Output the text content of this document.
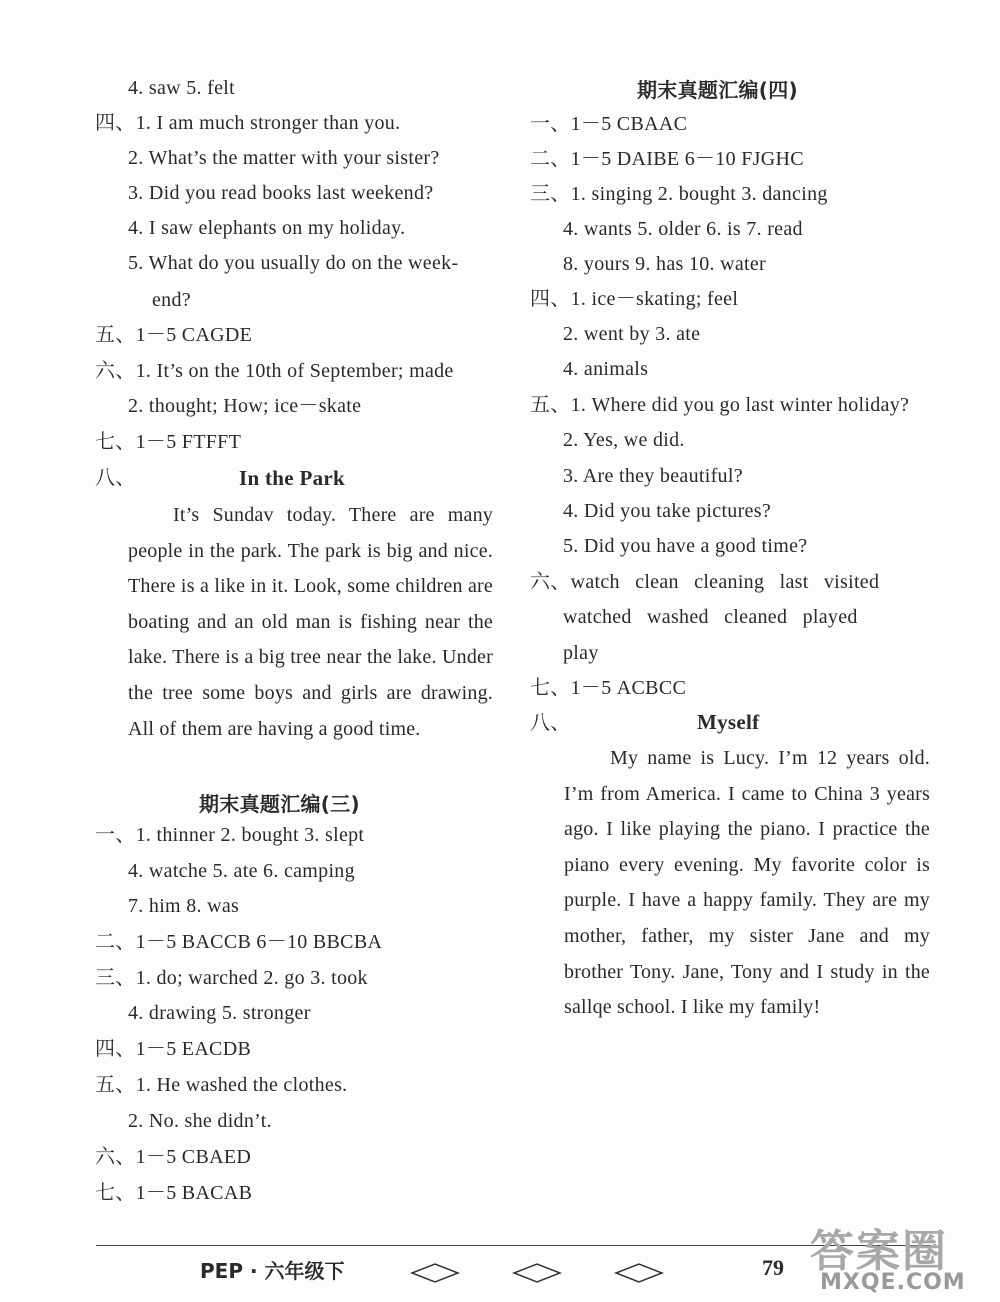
4. saw 5. felt
四、1. I am much stronger than you.
2. What’s the matter with your sister?
3. Did you read books last weekend?
4. I saw elephants on my holiday.
5. What do you usually do on the week-
end?
五、1－5 CAGDE
六、1. It’s on the 10th of September; made
2. thought; How; ice－skate
七、1－5 FTFFT
八、	In the Park
It’s Sundav today. There are many people in the park. The park is big and nice. There is a like in it. Look, some children are boating and an old man is fishing near the lake. There is a big tree near the lake. Under the tree some boys and girls are drawing. All of them are having a good time.
期末真题汇编(三)
一、1. thinner 2. bought 3. slept
4. watche 5. ate 6. camping
7. him 8. was
二、1－5 BACCB 6－10 BBCBA
三、1. do; warched 2. go 3. took
4. drawing 5. stronger
四、1－5 EACDB
五、1. He washed the clothes.
2. No. she didn’t.
六、1－5 CBAED
七、1－5 BACAB
期末真题汇编(四)
一、1－5 CBAAC
二、1－5 DAIBE 6－10 FJGHC
三、1. singing 2. bought 3. dancing
4. wants 5. older 6. is 7. read
8. yours 9. has 10. water
四、1. ice－skating; feel
2. went by 3. ate
4. animals
五、1. Where did you go last winter holiday?
2. Yes, we did.
3. Are they beautiful?
4. Did you take pictures?
5. Did you have a good time?
六、watch clean cleaning last visited
watched washed cleaned played
play
七、1－5 ACBCC
八、	Myself
My name is Lucy. I’m 12 years old. I’m from America. I came to China 3 years ago. I like playing the piano. I practice the piano every evening. My favorite color is purple. I have a happy family. They are my mother, father, my sister Jane and my brother Tony. Jane, Tony and I study in the sallqe school. I like my family!
PEP · 六年级下	79 答案圈
MXQE.COM
